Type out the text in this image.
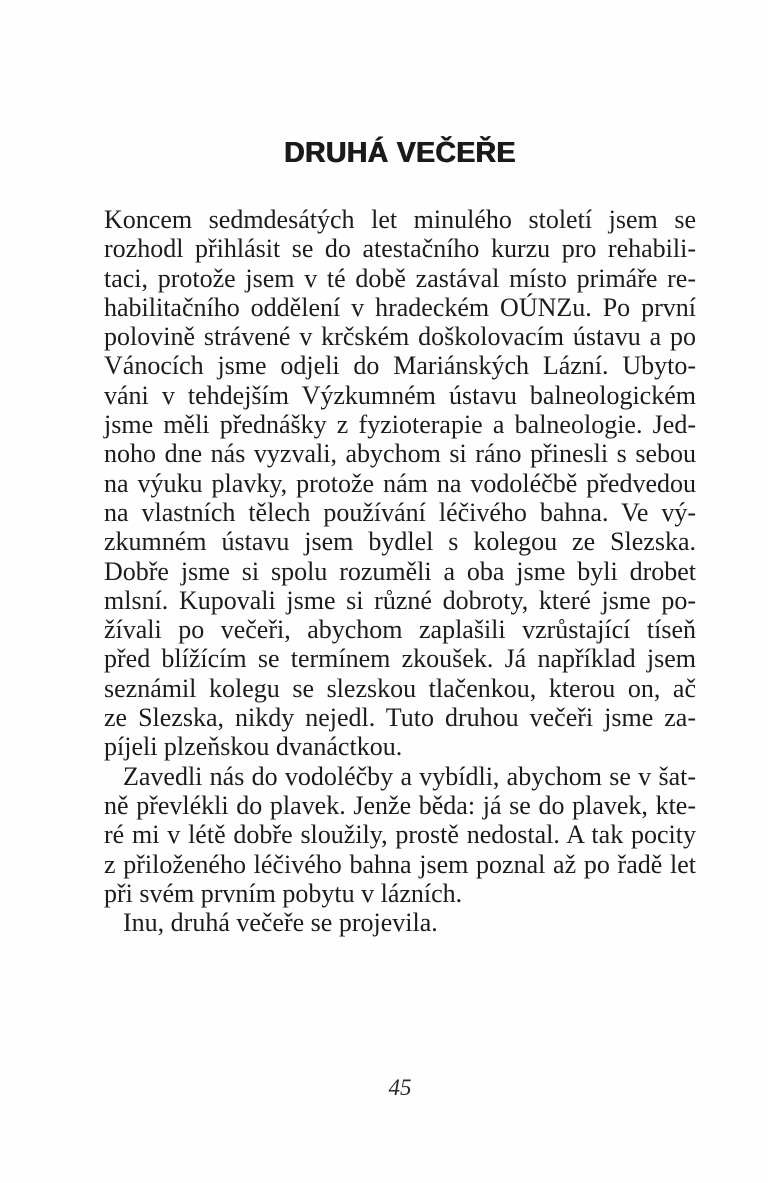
DRUHÁ VEČEŘE
Koncem sedmdesátých let minulého století jsem se
rozhodl přihlásit se do atestačního kurzu pro rehabili-
taci, protože jsem v té době zastával místo primáře re-
habilitačního oddělení v hradeckém OÚNZu. Po první
polovině strávené v krčském doškolovacím ústavu a po
Vánocích jsme odjeli do Mariánských Lázní. Ubyto-
váni v tehdejším Výzkumném ústavu balneologickém
jsme měli přednášky z fyzioterapie a balneologie. Jed-
noho dne nás vyzvali, abychom si ráno přinesli s sebou
na výuku plavky, protože nám na vodoléčbě předvedou
na vlastních tělech používání léčivého bahna. Ve vý-
zkumném ústavu jsem bydlel s kolegou ze Slezska.
Dobře jsme si spolu rozuměli a oba jsme byli drobet
mlsní. Kupovali jsme si různé dobroty, které jsme po-
žívali po večeři, abychom zaplašili vzrůstající tíseň
před blížícím se termínem zkoušek. Já například jsem
seznámil kolegu se slezskou tlačenkou, kterou on, ač
ze Slezska, nikdy nejedl. Tuto druhou večeři jsme za-
píjeli plzeňskou dvanáctkou.
Zavedli nás do vodoléčby a vybídli, abychom se v šat-
ně převlékli do plavek. Jenže běda: já se do plavek, kte-
ré mi v létě dobře sloužily, prostě nedostal. A tak pocity
z přiloženého léčivého bahna jsem poznal až po řadě let
při svém prvním pobytu v lázních.
Inu, druhá večeře se projevila.
45
